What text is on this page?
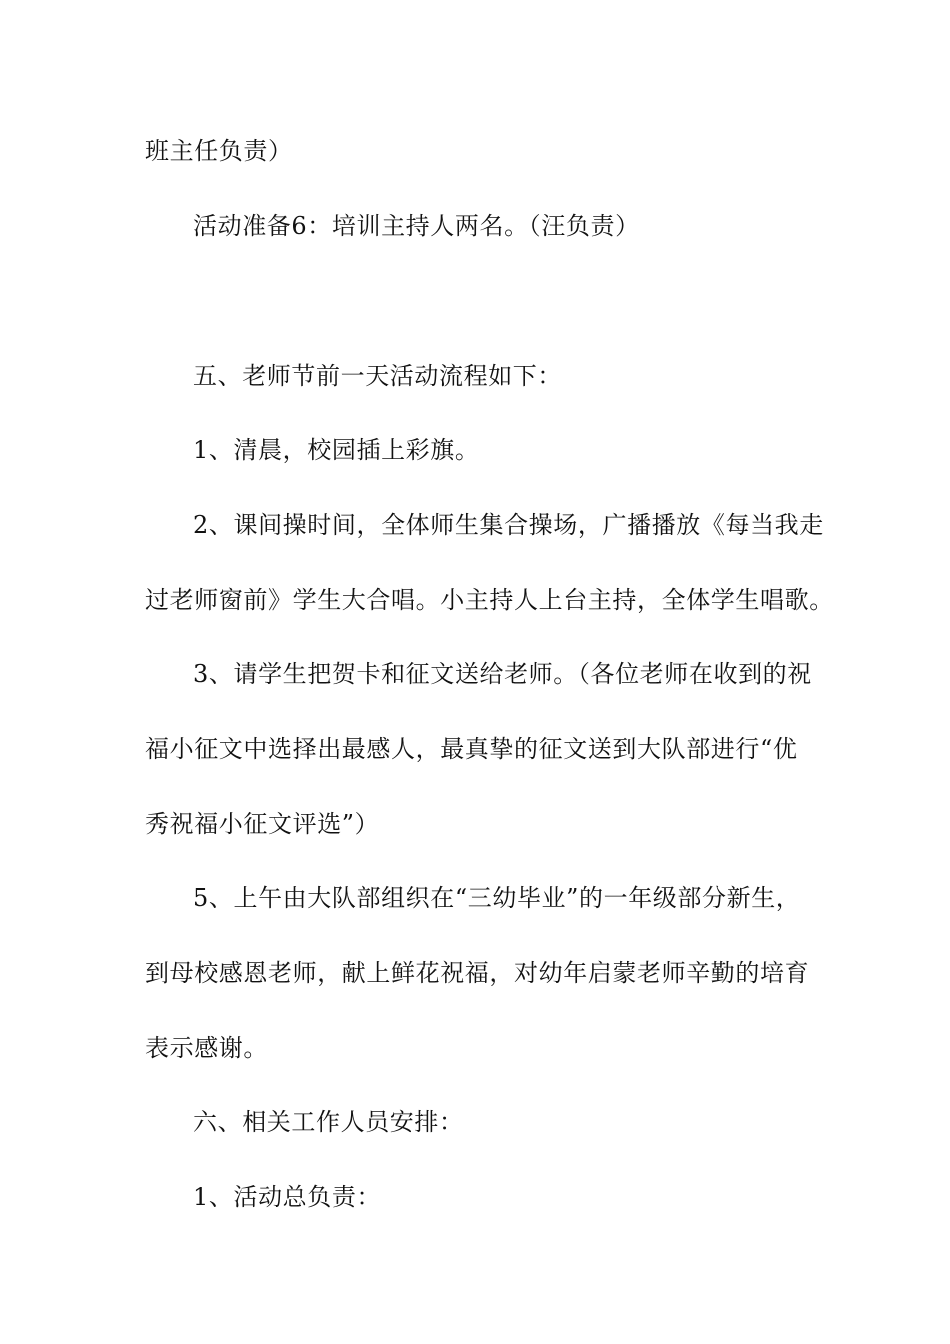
班主任负责）
活动准备6：培训主持人两名。（汪负责）
五、老师节前一天活动流程如下：
1、清晨，校园插上彩旗。
2、课间操时间，全体师生集合操场，广播播放《每当我走
过老师窗前》学生大合唱。小主持人上台主持，全体学生唱歌。
3、请学生把贺卡和征文送给老师。（各位老师在收到的祝
福小征文中选择出最感人，最真挚的征文送到大队部进行“优
秀祝福小征文评选”）
5、上午由大队部组织在“三幼毕业”的一年级部分新生，
到母校感恩老师，献上鲜花祝福，对幼年启蒙老师辛勤的培育
表示感谢。
六、相关工作人员安排：
1、活动总负责：
